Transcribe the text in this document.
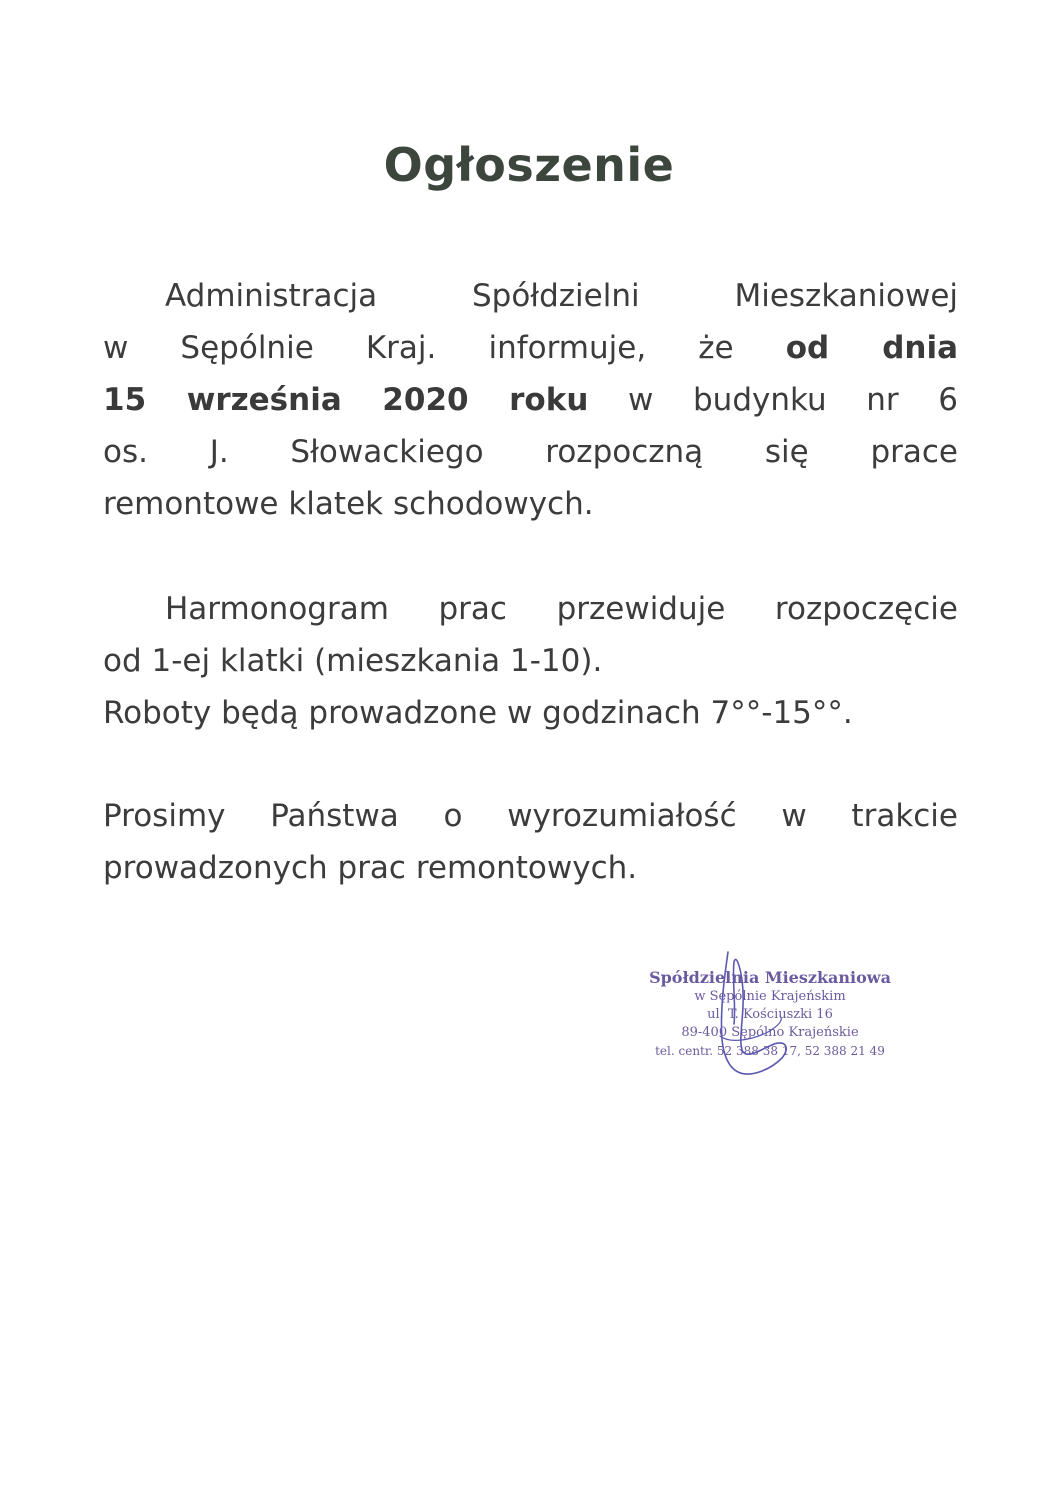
Ogłoszenie
Administracja Spółdzielni Mieszkaniowej
w Sępólnie Kraj. informuje, że od dnia
15 września 2020 roku w budynku nr 6
os. J. Słowackiego rozpoczną się prace
remontowe klatek schodowych.
Harmonogram prac przewiduje rozpoczęcie
od 1-ej klatki (mieszkania 1-10).
Roboty będą prowadzone w godzinach 7°°-15°°.
Prosimy Państwa o wyrozumiałość w trakcie
prowadzonych prac remontowych.
Spółdzielnia Mieszkaniowa
w Sępólnie Krajeńskim
ul. T. Kościuszki 16
89-400 Sępólno Krajeńskie
tel. centr. 52 388 38 17, 52 388 21 49
